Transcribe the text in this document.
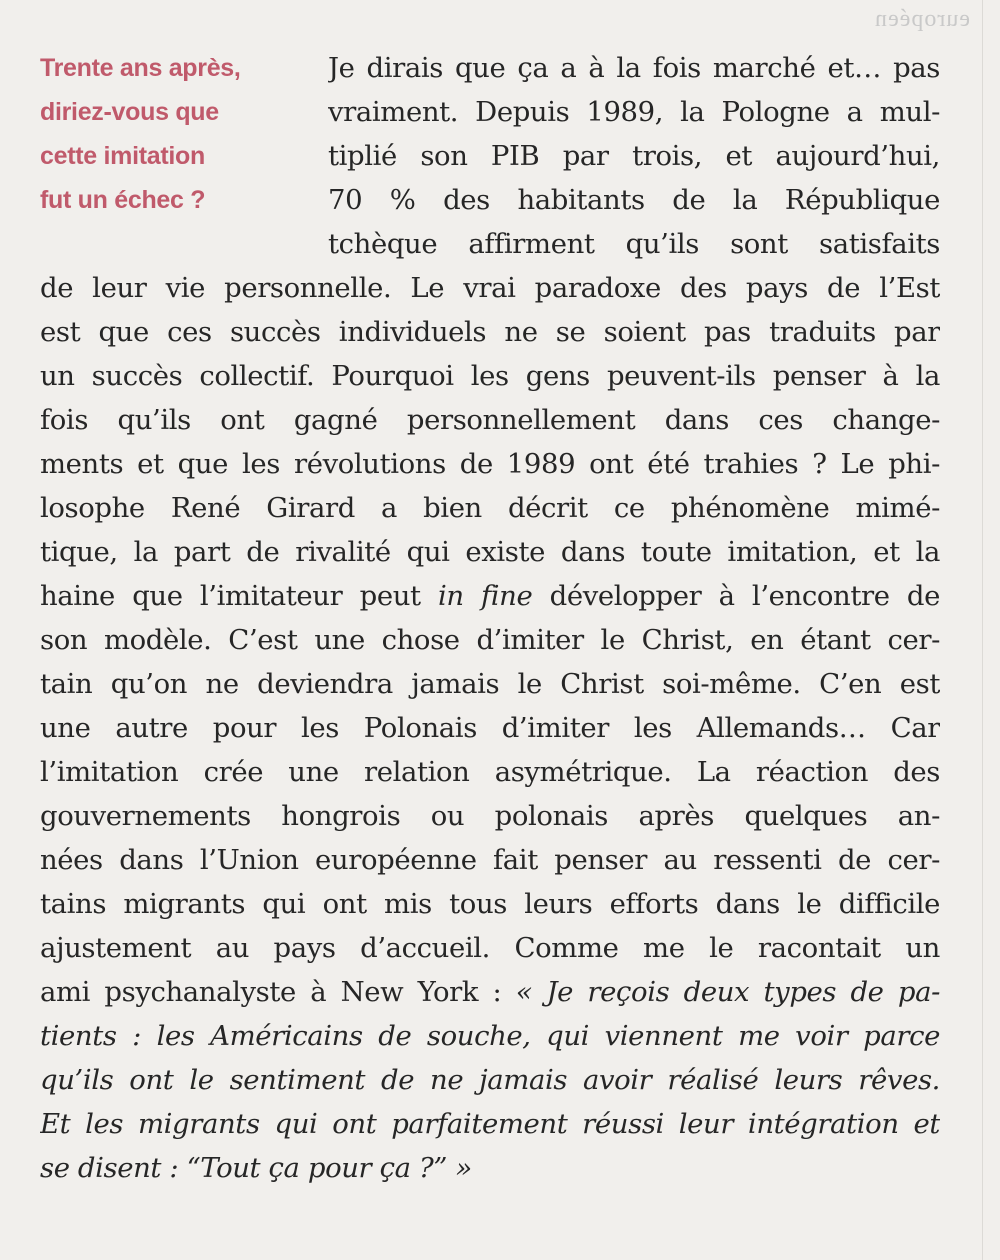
européen
Trente ans après,
diriez-vous que
cette imitation
fut un échec ?
Je dirais que ça a à la fois marché et… pas
vraiment. Depuis 1989, la Pologne a mul-
tiplié son PIB par trois, et aujourd’hui,
70 % des habitants de la République
tchèque affirment qu’ils sont satisfaits
de leur vie personnelle. Le vrai paradoxe des pays de l’Est
est que ces succès individuels ne se soient pas traduits par
un succès collectif. Pourquoi les gens peuvent-ils penser à la
fois qu’ils ont gagné personnellement dans ces change-
ments et que les révolutions de 1989 ont été trahies ? Le phi-
losophe René Girard a bien décrit ce phénomène mimé-
tique, la part de rivalité qui existe dans toute imitation, et la
haine que l’imitateur peut in fine développer à l’encontre de
son modèle. C’est une chose d’imiter le Christ, en étant cer-
tain qu’on ne deviendra jamais le Christ soi-même. C’en est
une autre pour les Polonais d’imiter les Allemands… Car
l’imitation crée une relation asymétrique. La réaction des
gouvernements hongrois ou polonais après quelques an-
nées dans l’Union européenne fait penser au ressenti de cer-
tains migrants qui ont mis tous leurs efforts dans le difficile
ajustement au pays d’accueil. Comme me le racontait un
ami psychanalyste à New York : « Je reçois deux types de pa-
tients : les Américains de souche, qui viennent me voir parce
qu’ils ont le sentiment de ne jamais avoir réalisé leurs rêves.
Et les migrants qui ont parfaitement réussi leur intégration et
se disent : “Tout ça pour ça ?” »
